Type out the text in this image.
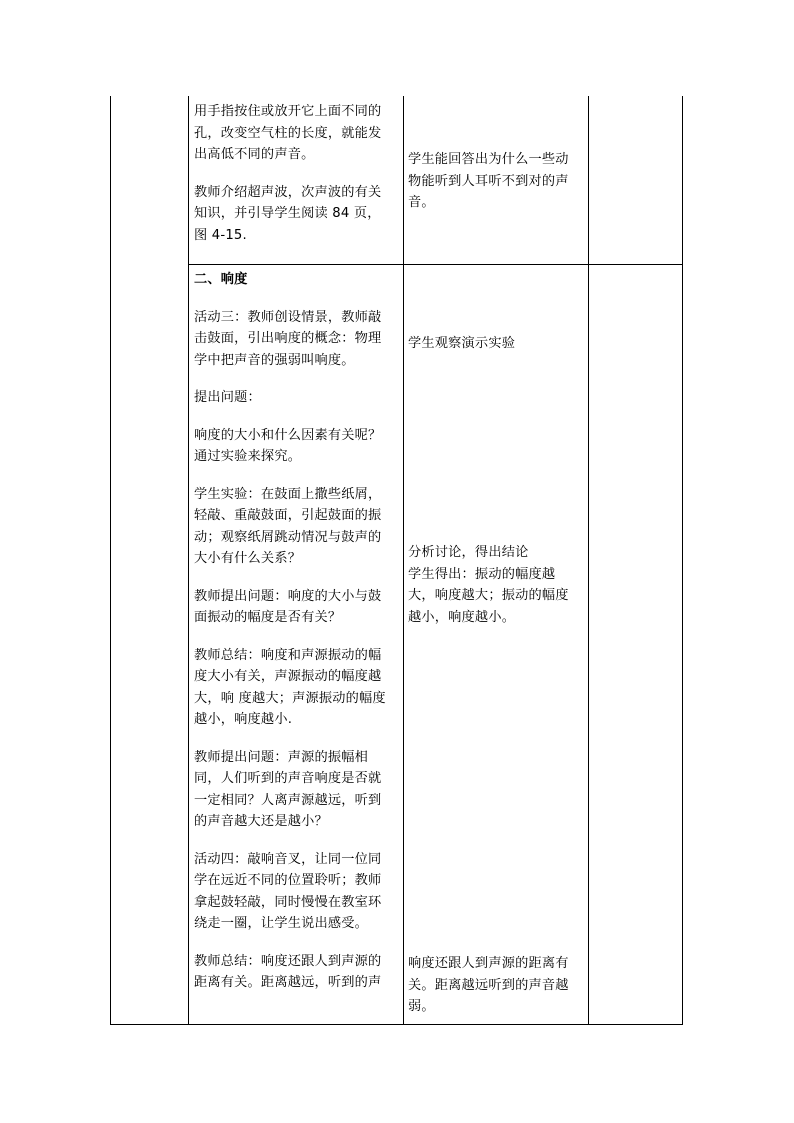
用手指按住或放开它上面不同的
孔，改变空气柱的长度，就能发
出高低不同的声音。

教师介绍超声波，次声波的有关
知识，并引导学生阅读 84 页，
图 4-15.

学生能回答出为什么一些动
物能听到人耳听不到对的声
音。

二、响度

活动三：教师创设情景，教师敲
击鼓面，引出响度的概念：物理
学中把声音的强弱叫响度。

提出问题：

响度的大小和什么因素有关呢？
通过实验来探究。

学生实验：在鼓面上撒些纸屑，
轻敲、重敲鼓面，引起鼓面的振
动；观察纸屑跳动情况与鼓声的
大小有什么关系？

教师提出问题：响度的大小与鼓
面振动的幅度是否有关？

教师总结：响度和声源振动的幅
度大小有关，声源振动的幅度越
大，响 度越大；声源振动的幅度
越小，响度越小.

教师提出问题：声源的振幅相
同，人们听到的声音响度是否就
一定相同？人离声源越远，听到
的声音越大还是越小？

活动四：敲响音叉，让同一位同
学在远近不同的位置聆听；教师
拿起鼓轻敲，同时慢慢在教室环
绕走一圈，让学生说出感受。

教师总结：响度还跟人到声源的
距离有关。距离越远，听到的声

学生观察演示实验

分析讨论，得出结论
学生得出：振动的幅度越
大，响度越大；振动的幅度
越小，响度越小。

响度还跟人到声源的距离有
关。距离越远听到的声音越
弱。
